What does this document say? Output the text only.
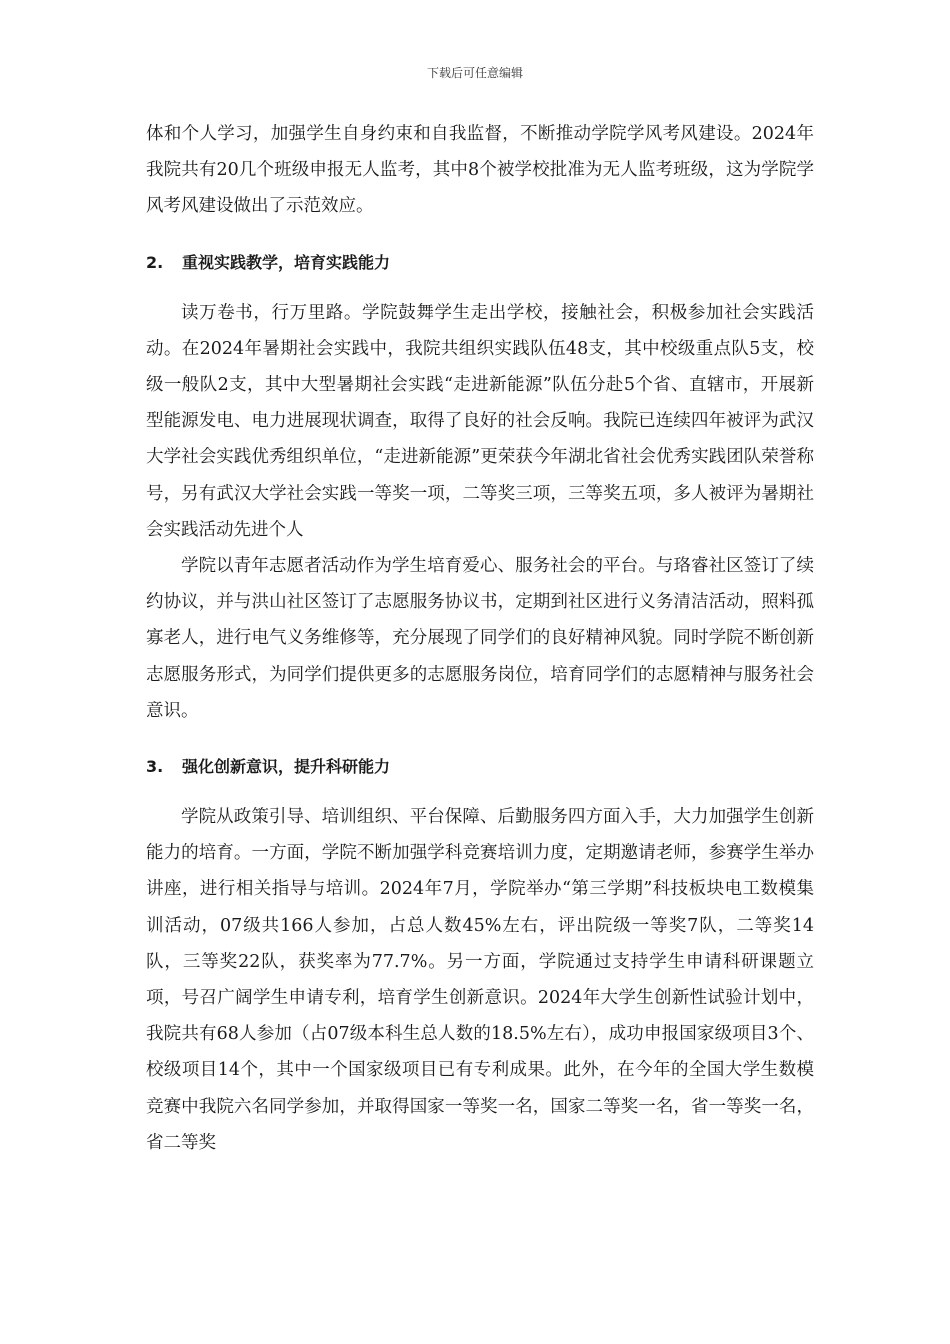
下载后可任意编辑

体和个人学习，加强学生自身约束和自我监督，不断推动学院学风考风建设。2024年我院共有20几个班级申报无人监考，其中8个被学校批准为无人监考班级，这为学院学风考风建设做出了示范效应。

2.	重视实践教学，培育实践能力

读万卷书，行万里路。学院鼓舞学生走出学校，接触社会，积极参加社会实践活动。在2024年暑期社会实践中，我院共组织实践队伍48支，其中校级重点队5支，校级一般队2支，其中大型暑期社会实践“走进新能源”队伍分赴5个省、直辖市，开展新型能源发电、电力进展现状调查，取得了良好的社会反响。我院已连续四年被评为武汉大学社会实践优秀组织单位，“走进新能源”更荣获今年湖北省社会优秀实践团队荣誉称号，另有武汉大学社会实践一等奖一项，二等奖三项，三等奖五项，多人被评为暑期社会实践活动先进个人

学院以青年志愿者活动作为学生培育爱心、服务社会的平台。与珞睿社区签订了续约协议，并与洪山社区签订了志愿服务协议书，定期到社区进行义务清洁活动，照料孤寡老人，进行电气义务维修等，充分展现了同学们的良好精神风貌。同时学院不断创新志愿服务形式，为同学们提供更多的志愿服务岗位，培育同学们的志愿精神与服务社会意识。

3.	强化创新意识，提升科研能力

学院从政策引导、培训组织、平台保障、后勤服务四方面入手，大力加强学生创新能力的培育。一方面，学院不断加强学科竞赛培训力度，定期邀请老师，参赛学生举办讲座，进行相关指导与培训。2024年7月，学院举办“第三学期”科技板块电工数模集训活动，07级共166人参加，占总人数45%左右，评出院级一等奖7队，二等奖14队，三等奖22队，获奖率为77.7%。另一方面，学院通过支持学生申请科研课题立项，号召广阔学生申请专利，培育学生创新意识。2024年大学生创新性试验计划中，我院共有68人参加（占07级本科生总人数的18.5%左右），成功申报国家级项目3个、校级项目14个，其中一个国家级项目已有专利成果。此外，在今年的全国大学生数模竞赛中我院六名同学参加，并取得国家一等奖一名，国家二等奖一名，省一等奖一名，省二等奖
